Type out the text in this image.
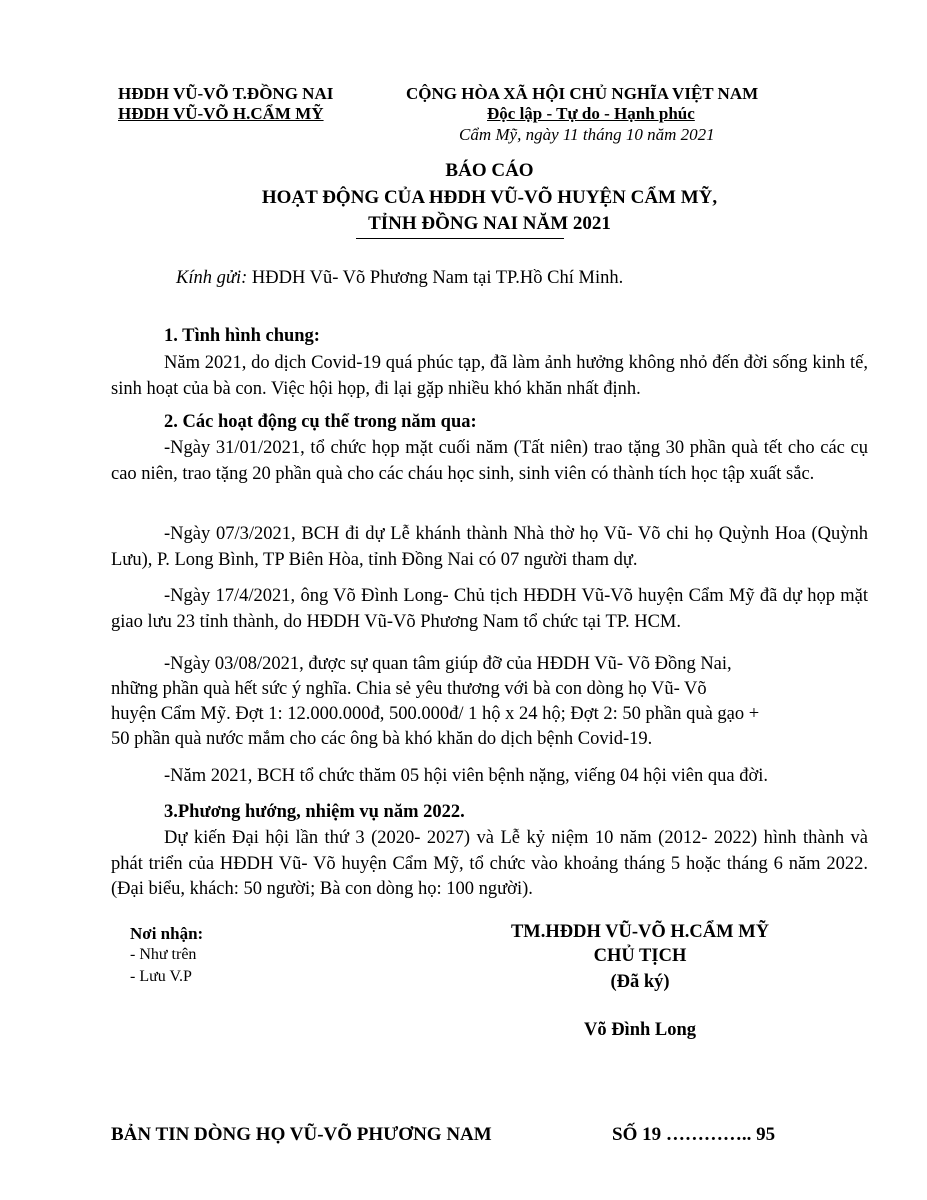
HĐDH VŨ-VÕ T.ĐỒNG NAI
HĐDH VŨ-VÕ H.CẨM MỸ
CỘNG HÒA XÃ HỘI CHỦ NGHĨA VIỆT NAM
Độc lập - Tự do - Hạnh phúc
Cẩm Mỹ, ngày 11 tháng 10 năm 2021
BÁO CÁO
HOẠT ĐỘNG CỦA HĐDH VŨ-VÕ HUYỆN CẨM MỸ,
TỈNH ĐỒNG NAI NĂM 2021
Kính gửi: HĐDH Vũ- Võ Phương Nam tại TP.Hồ Chí Minh.
1. Tình hình chung:
Năm 2021, do dịch Covid-19 quá phúc tạp, đã làm ảnh hưởng không nhỏ đến đời sống kinh tế, sinh hoạt của bà con. Việc hội họp, đi lại gặp nhiều khó khăn nhất định.
2. Các hoạt động cụ thể trong năm qua:
-Ngày 31/01/2021, tổ chức họp mặt cuối năm (Tất niên) trao tặng 30 phần quà tết cho các cụ cao niên, trao tặng 20 phần quà cho các cháu học sinh, sinh viên có thành tích học tập xuất sắc.
-Ngày 07/3/2021, BCH đi dự Lễ khánh thành Nhà thờ họ Vũ- Võ chi họ Quỳnh Hoa (Quỳnh Lưu), P. Long Bình, TP Biên Hòa, tỉnh Đồng Nai có 07 người tham dự.
-Ngày 17/4/2021, ông Võ Đình Long- Chủ tịch HĐDH Vũ-Võ huyện Cẩm Mỹ đã dự họp mặt giao lưu 23 tỉnh thành, do HĐDH Vũ-Võ Phương Nam tổ chức tại TP. HCM.
-Ngày 03/08/2021, được sự quan tâm giúp đỡ của HĐDH Vũ- Võ Đồng Nai,
những phần quà hết sức ý nghĩa. Chia sẻ yêu thương với bà con dòng họ Vũ- Võ
huyện Cẩm Mỹ. Đợt 1: 12.000.000đ, 500.000đ/ 1 hộ x 24 hộ; Đợt 2: 50 phần quà gạo +
50 phần quà nước mắm cho các ông bà khó khăn do dịch bệnh Covid-19.
-Năm 2021, BCH tổ chức thăm 05 hội viên bệnh nặng, viếng 04 hội viên qua đời.
3.Phương hướng, nhiệm vụ năm 2022.
Dự kiến Đại hội lần thứ 3 (2020- 2027) và Lễ kỷ niệm 10 năm (2012- 2022) hình thành và phát triển của HĐDH Vũ- Võ huyện Cẩm Mỹ, tổ chức vào khoảng tháng 5 hoặc tháng 6 năm 2022. (Đại biểu, khách: 50 người; Bà con dòng họ: 100 người).
Nơi nhận:
- Như trên
- Lưu V.P
TM.HĐDH VŨ-VÕ H.CẨM MỸ
CHỦ TỊCH
(Đã ký)
Võ Đình Long
BẢN TIN DÒNG HỌ VŨ-VÕ PHƯƠNG NAM	SỐ 19 ………….. 95
